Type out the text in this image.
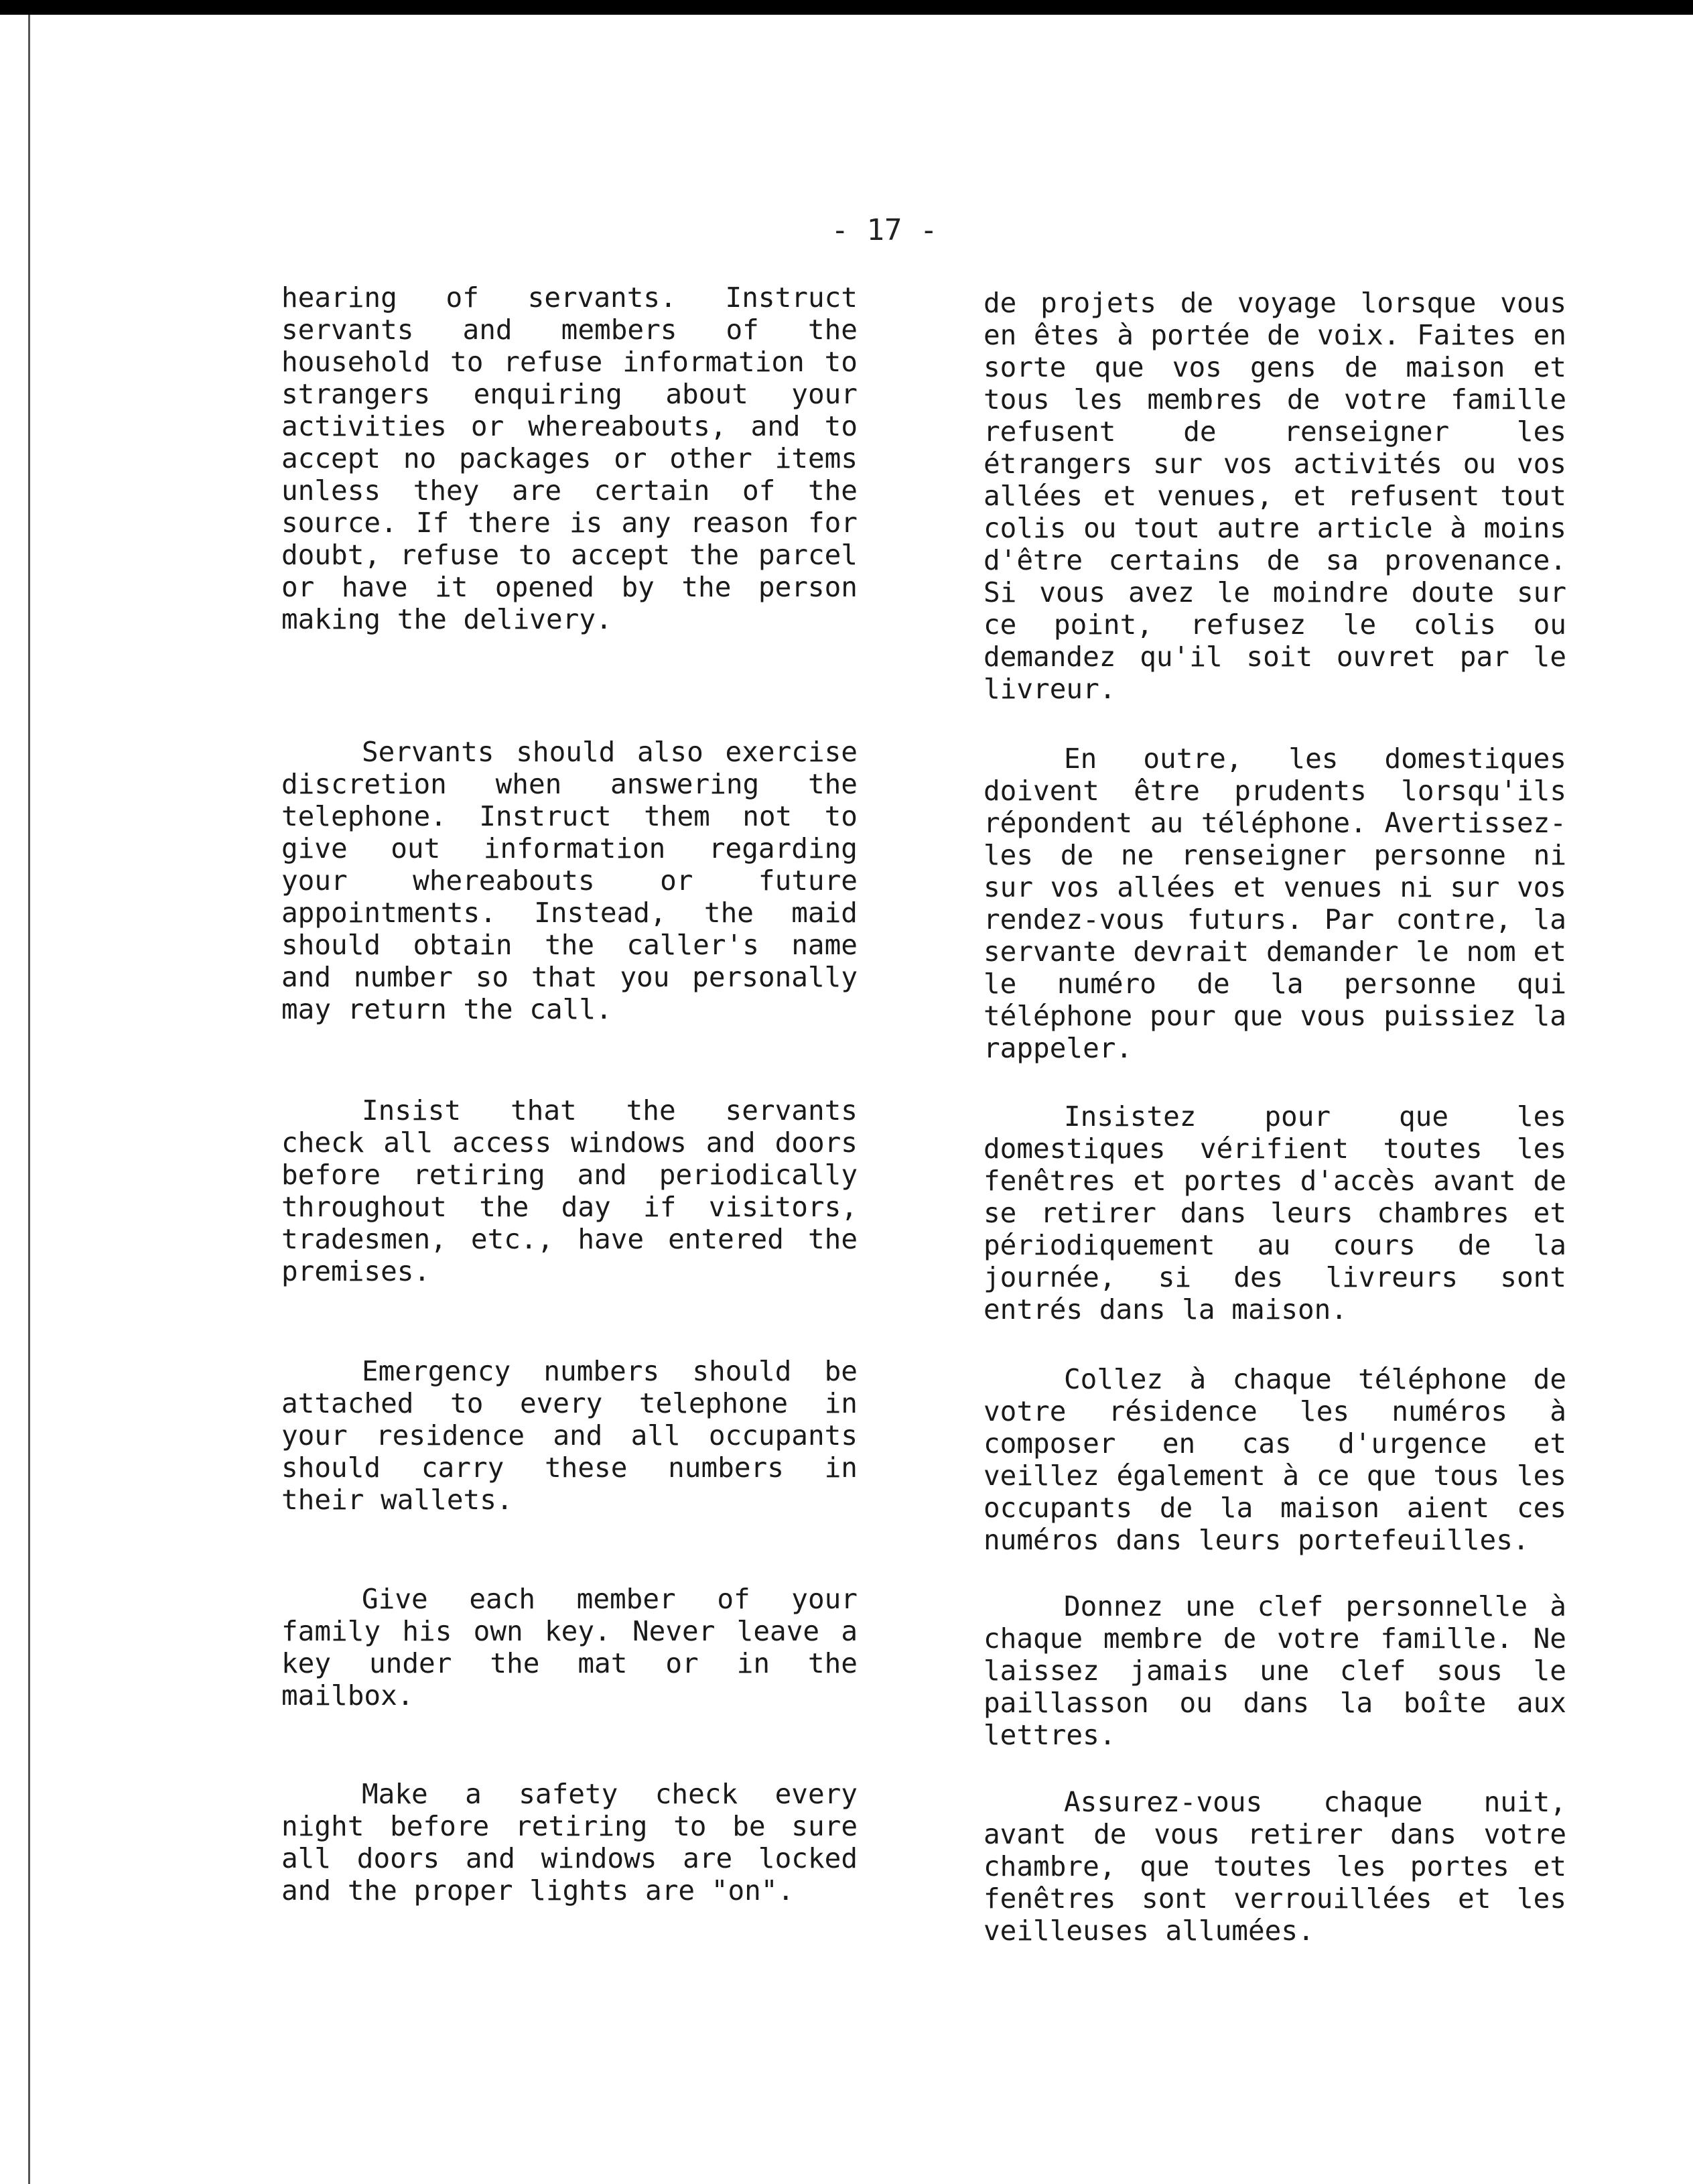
- 17 -

hearing of servants. Instruct servants and members of the household to refuse information to strangers enquiring about your activities or whereabouts, and to accept no packages or other items unless they are certain of the source. If there is any reason for doubt, refuse to accept the parcel or have it opened by the person making the delivery.

Servants should also exercise discretion when answering the telephone. Instruct them not to give out information regarding your whereabouts or future appointments. Instead, the maid should obtain the caller's name and number so that you personally may return the call.

Insist that the servants check all access windows and doors before retiring and periodically throughout the day if visitors, tradesmen, etc., have entered the premises.

Emergency numbers should be attached to every telephone in your residence and all occupants should carry these numbers in their wallets.

Give each member of your family his own key. Never leave a key under the mat or in the mailbox.

Make a safety check every night before retiring to be sure all doors and windows are locked and the proper lights are "on".

de projets de voyage lorsque vous en êtes à portée de voix. Faites en sorte que vos gens de maison et tous les membres de votre famille refusent de renseigner les étrangers sur vos activités ou vos allées et venues, et refusent tout colis ou tout autre article à moins d'être certains de sa provenance. Si vous avez le moindre doute sur ce point, refusez le colis ou demandez qu'il soit ouvret par le livreur.

En outre, les domestiques doivent être prudents lorsqu'ils répondent au téléphone. Avertissez-les de ne renseigner personne ni sur vos allées et venues ni sur vos rendez-vous futurs. Par contre, la servante devrait demander le nom et le numéro de la personne qui téléphone pour que vous puissiez la rappeler.

Insistez pour que les domestiques vérifient toutes les fenêtres et portes d'accès avant de se retirer dans leurs chambres et périodiquement au cours de la journée, si des livreurs sont entrés dans la maison.

Collez à chaque téléphone de votre résidence les numéros à composer en cas d'urgence et veillez également à ce que tous les occupants de la maison aient ces numéros dans leurs portefeuilles.

Donnez une clef personnelle à chaque membre de votre famille. Ne laissez jamais une clef sous le paillasson ou dans la boîte aux lettres.

Assurez-vous chaque nuit, avant de vous retirer dans votre chambre, que toutes les portes et fenêtres sont verrouillées et les veilleuses allumées.
